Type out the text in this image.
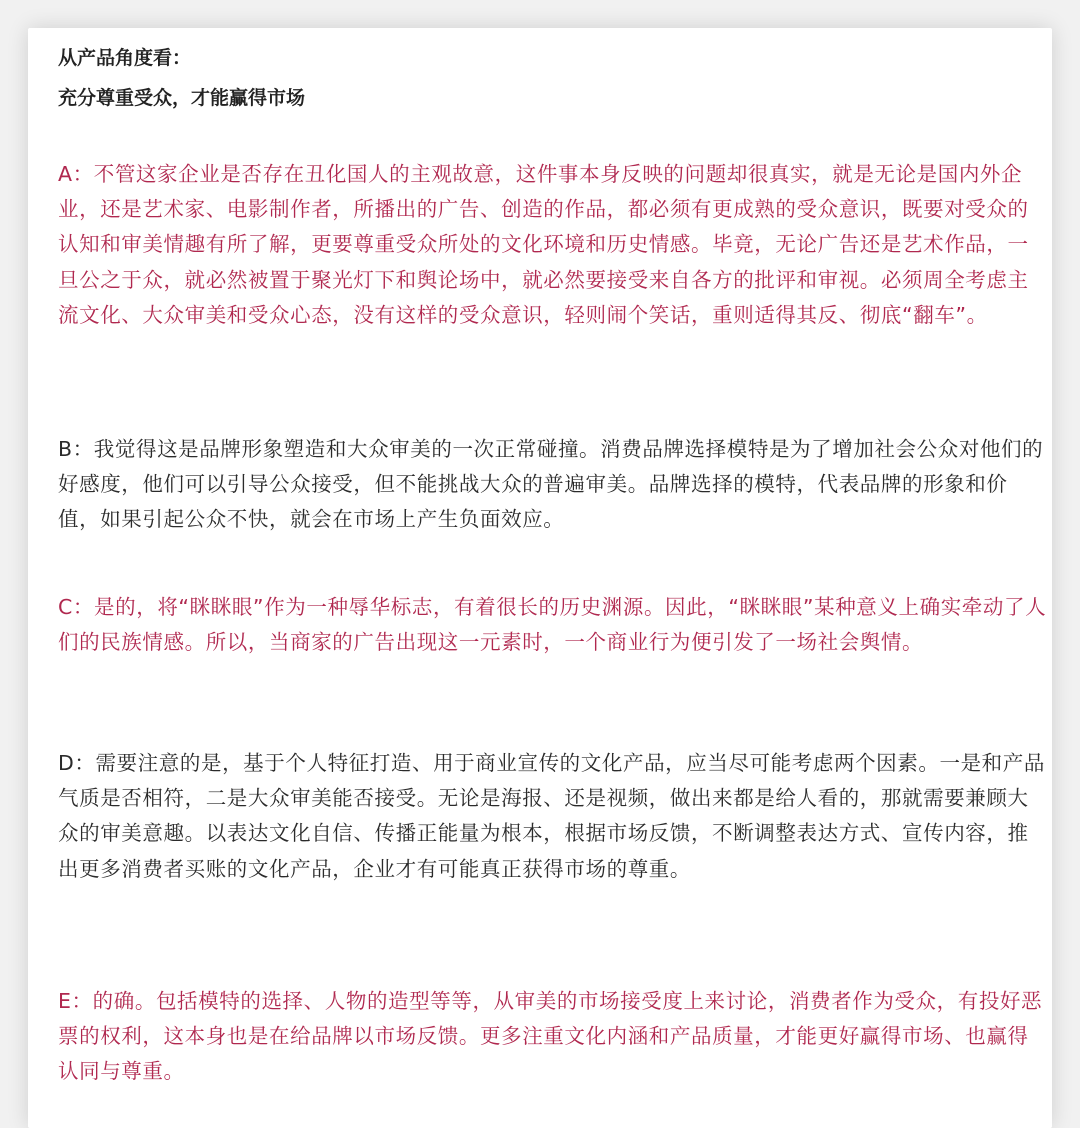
从产品角度看：
充分尊重受众，才能赢得市场

A：不管这家企业是否存在丑化国人的主观故意，这件事本身反映的问题却很真实，就是无论是国内外企业，还是艺术家、电影制作者，所播出的广告、创造的作品，都必须有更成熟的受众意识，既要对受众的认知和审美情趣有所了解，更要尊重受众所处的文化环境和历史情感。毕竟，无论广告还是艺术作品，一旦公之于众，就必然被置于聚光灯下和舆论场中，就必然要接受来自各方的批评和审视。必须周全考虑主流文化、大众审美和受众心态，没有这样的受众意识，轻则闹个笑话，重则适得其反、彻底“翻车”。

B：我觉得这是品牌形象塑造和大众审美的一次正常碰撞。消费品牌选择模特是为了增加社会公众对他们的好感度，他们可以引导公众接受，但不能挑战大众的普遍审美。品牌选择的模特，代表品牌的形象和价值，如果引起公众不快，就会在市场上产生负面效应。

C：是的，将“眯眯眼”作为一种辱华标志，有着很长的历史渊源。因此，“眯眯眼”某种意义上确实牵动了人们的民族情感。所以，当商家的广告出现这一元素时，一个商业行为便引发了一场社会舆情。

D：需要注意的是，基于个人特征打造、用于商业宣传的文化产品，应当尽可能考虑两个因素。一是和产品气质是否相符，二是大众审美能否接受。无论是海报、还是视频，做出来都是给人看的，那就需要兼顾大众的审美意趣。以表达文化自信、传播正能量为根本，根据市场反馈，不断调整表达方式、宣传内容，推出更多消费者买账的文化产品，企业才有可能真正获得市场的尊重。

E：的确。包括模特的选择、人物的造型等等，从审美的市场接受度上来讨论，消费者作为受众，有投好恶票的权利，这本身也是在给品牌以市场反馈。更多注重文化内涵和产品质量，才能更好赢得市场、也赢得认同与尊重。
